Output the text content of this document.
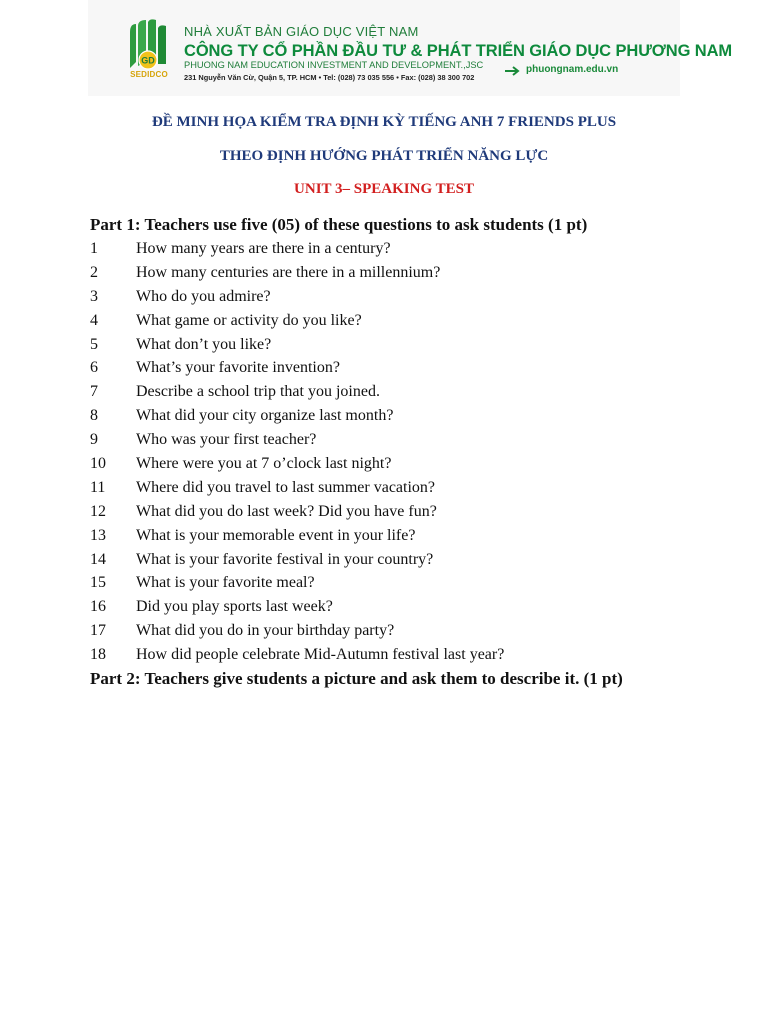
GD
SEDIDCO
NHÀ XUẤT BẢN GIÁO DỤC VIỆT NAM
CÔNG TY CỔ PHẦN ĐẦU TƯ & PHÁT TRIỂN GIÁO DỤC PHƯƠNG NAM
PHUONG NAM EDUCATION INVESTMENT AND DEVELOPMENT.,JSC
231 Nguyễn Văn Cừ, Quận 5, TP. HCM • Tel: (028) 73 035 556 • Fax: (028) 38 300 702
phuongnam.edu.vn
ĐỀ MINH HỌA KIỂM TRA ĐỊNH KỲ TIẾNG ANH 7 FRIENDS PLUS
THEO ĐỊNH HƯỚNG PHÁT TRIỂN NĂNG LỰC
UNIT 3– SPEAKING TEST
Part 1: Teachers use five (05) of these questions to ask students (1 pt)
1 How many years are there in a century?
2 How many centuries are there in a millennium?
3 Who do you admire?
4 What game or activity do you like?
5 What don’t you like?
6 What’s your favorite invention?
7 Describe a school trip that you joined.
8 What did your city organize last month?
9 Who was your first teacher?
10 Where were you at 7 o’clock last night?
11 Where did you travel to last summer vacation?
12 What did you do last week? Did you have fun?
13 What is your memorable event in your life?
14 What is your favorite festival in your country?
15 What is your favorite meal?
16 Did you play sports last week?
17 What did you do in your birthday party?
18 How did people celebrate Mid-Autumn festival last year?
Part 2: Teachers give students a picture and ask them to describe it. (1 pt)
